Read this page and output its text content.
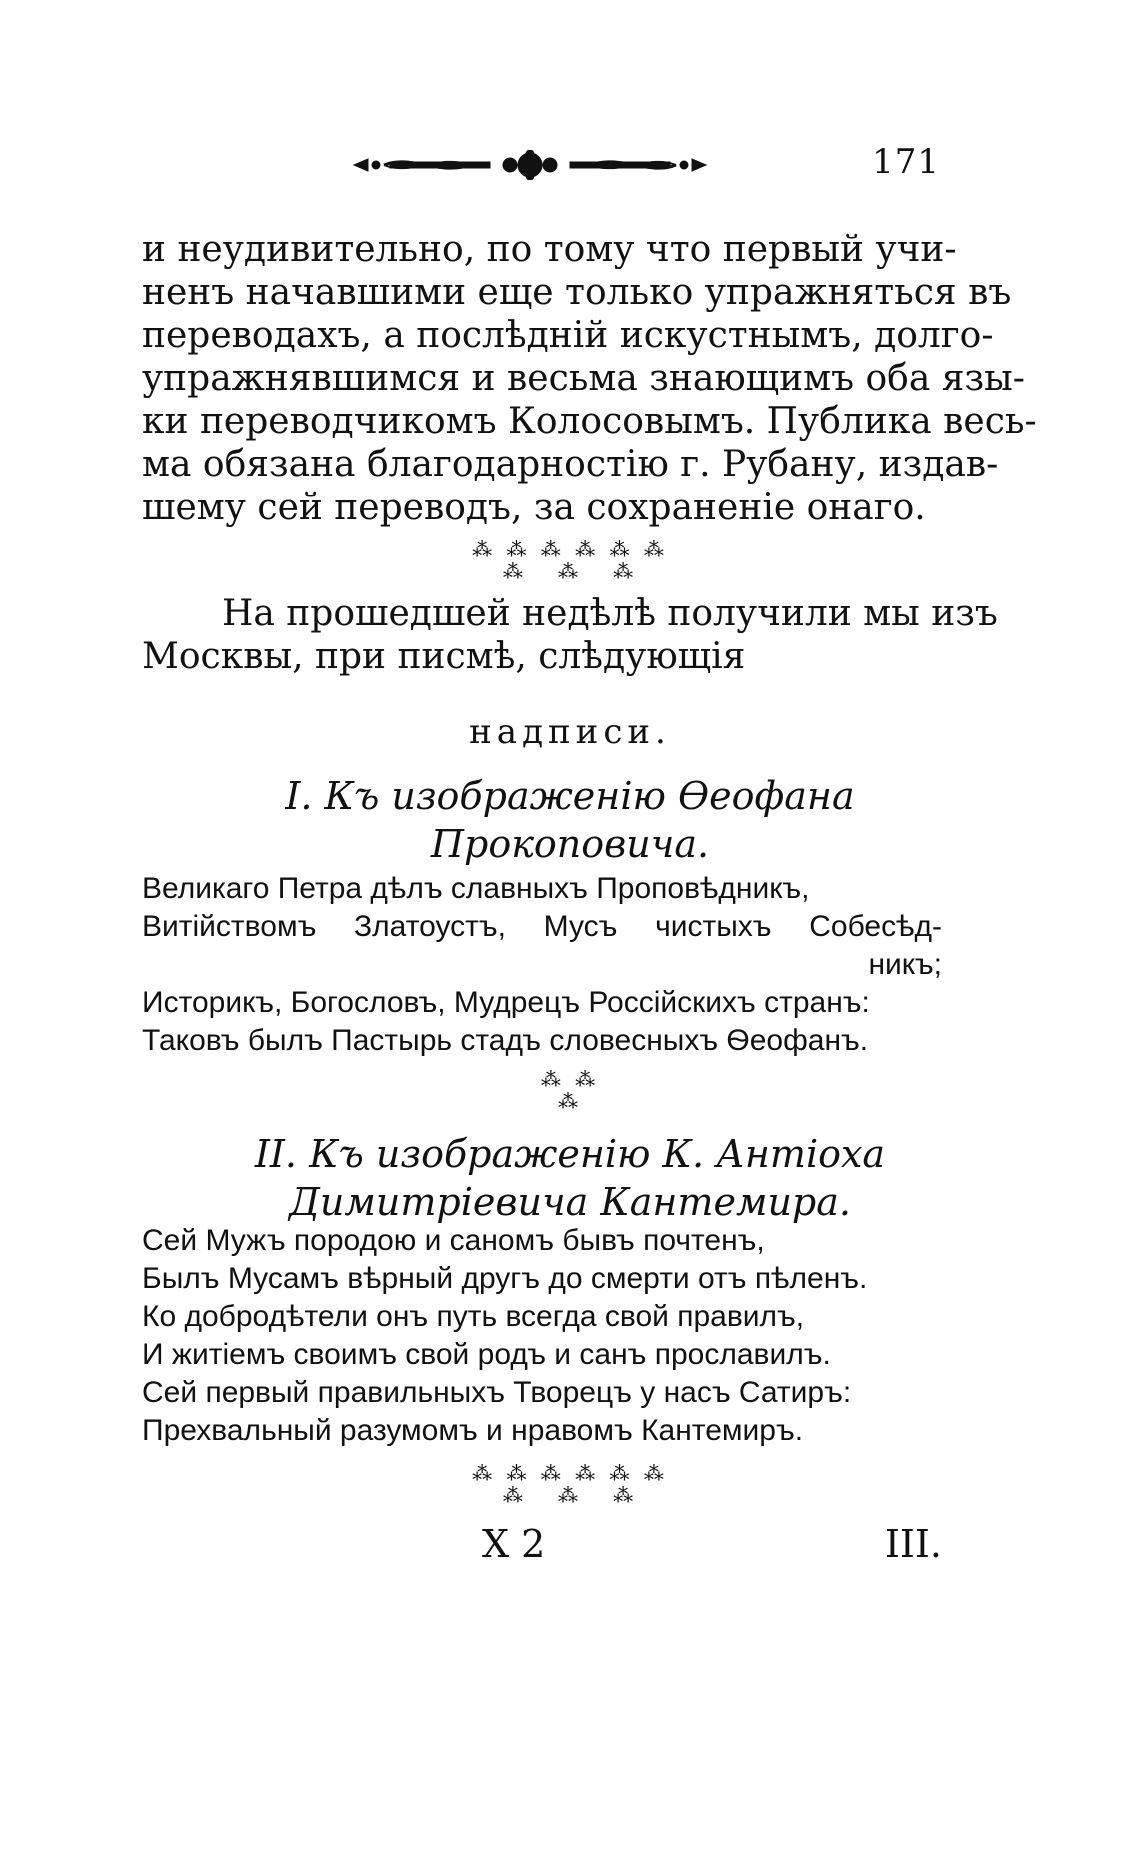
171
и неудивительно, по тому что первый учи-
ненъ начавшими еще только упражняться въ
переводахъ, а послѣднiй искустнымъ, долго-
упражнявшимся и весьма знающимъ оба язы-
ки переводчикомъ Колосовымъ. Публика весь-
ма обязана благодарностiю г. Рубану, издав-
шему сей переводъ, за сохраненiе онаго.
⁂ ⁂ ⁂ ⁂ ⁂ ⁂
⁂   ⁂   ⁂
На прошедшей недѣлѣ получили мы изъ
Москвы, при писмѣ, слѣдующiя
надписи.
I. Къ изображенiю Ѳеофана
Прокоповича.
Великаго Петра дѣлъ славныхъ Проповѣдникъ,
Витiйствомъ Златоустъ, Мусъ чистыхъ Собесѣд-
никъ;
Историкъ, Богословъ, Мудрецъ Россiйскихъ странъ:
Таковъ былъ Пастырь стадъ словесныхъ Ѳеофанъ.
⁂ ⁂
⁂
II. Къ изображенiю К. Антiоха
Димитрiевича Кантемира.
Сей Мужъ породою и саномъ бывъ почтенъ,
Былъ Мусамъ вѣрный другъ до смерти отъ пѣленъ.
Ко добродѣтели онъ путь всегда свой правилъ,
И житiемъ своимъ свой родъ и санъ прославилъ.
Сей первый правильныхъ Творецъ у насъ Сатиръ:
Прехвальный разумомъ и нравомъ Кантемиръ.
⁂ ⁂ ⁂ ⁂ ⁂ ⁂
⁂   ⁂   ⁂
Х 2	III.
